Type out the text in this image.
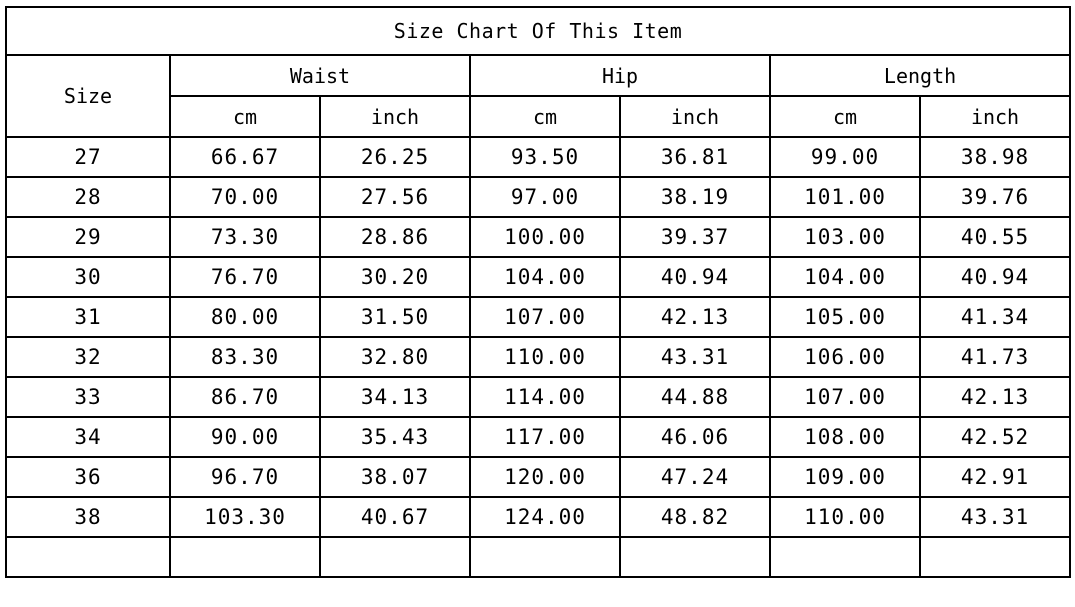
Size Chart Of This Item						
Size	Waist		Hip		Length	
	cm	inch	cm	inch	cm	inch
27	66.67	26.25	93.50	36.81	99.00	38.98
28	70.00	27.56	97.00	38.19	101.00	39.76
29	73.30	28.86	100.00	39.37	103.00	40.55
30	76.70	30.20	104.00	40.94	104.00	40.94
31	80.00	31.50	107.00	42.13	105.00	41.34
32	83.30	32.80	110.00	43.31	106.00	41.73
33	86.70	34.13	114.00	44.88	107.00	42.13
34	90.00	35.43	117.00	46.06	108.00	42.52
36	96.70	38.07	120.00	47.24	109.00	42.91
38	103.30	40.67	124.00	48.82	110.00	43.31
